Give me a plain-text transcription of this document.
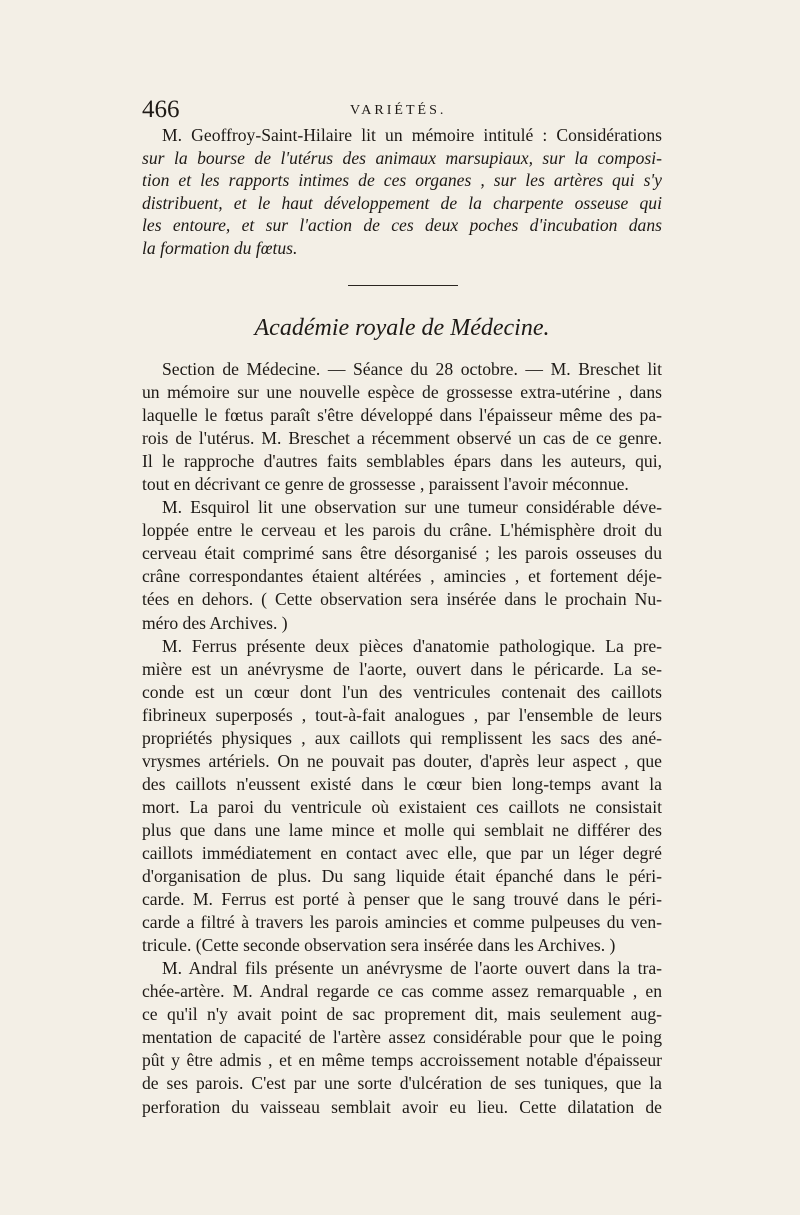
466	VARIÉTÉS.
M. Geoffroy-Saint-Hilaire lit un mémoire intitulé : Considérations
sur la bourse de l'utérus des animaux marsupiaux, sur la composi-
tion et les rapports intimes de ces organes , sur les artères qui s'y
distribuent, et le haut développement de la charpente osseuse qui
les entoure, et sur l'action de ces deux poches d'incubation dans
la formation du fœtus.
Académie royale de Médecine.
Section de Médecine. — Séance du 28 octobre. — M. Breschet lit
un mémoire sur une nouvelle espèce de grossesse extra-utérine , dans
laquelle le fœtus paraît s'être développé dans l'épaisseur même des pa-
rois de l'utérus. M. Breschet a récemment observé un cas de ce genre.
Il le rapproche d'autres faits semblables épars dans les auteurs, qui,
tout en décrivant ce genre de grossesse , paraissent l'avoir méconnue.
M. Esquirol lit une observation sur une tumeur considérable déve-
loppée entre le cerveau et les parois du crâne. L'hémisphère droit du
cerveau était comprimé sans être désorganisé ; les parois osseuses du
crâne correspondantes étaient altérées , amincies , et fortement déje-
tées en dehors. ( Cette observation sera insérée dans le prochain Nu-
méro des Archives. )
M. Ferrus présente deux pièces d'anatomie pathologique. La pre-
mière est un anévrysme de l'aorte, ouvert dans le péricarde. La se-
conde est un cœur dont l'un des ventricules contenait des caillots
fibrineux superposés , tout-à-fait analogues , par l'ensemble de leurs
propriétés physiques , aux caillots qui remplissent les sacs des ané-
vrysmes artériels. On ne pouvait pas douter, d'après leur aspect , que
des caillots n'eussent existé dans le cœur bien long-temps avant la
mort. La paroi du ventricule où existaient ces caillots ne consistait
plus que dans une lame mince et molle qui semblait ne différer des
caillots immédiatement en contact avec elle, que par un léger degré
d'organisation de plus. Du sang liquide était épanché dans le péri-
carde. M. Ferrus est porté à penser que le sang trouvé dans le péri-
carde a filtré à travers les parois amincies et comme pulpeuses du ven-
tricule. (Cette seconde observation sera insérée dans les Archives. )
M. Andral fils présente un anévrysme de l'aorte ouvert dans la tra-
chée-artère. M. Andral regarde ce cas comme assez remarquable , en
ce qu'il n'y avait point de sac proprement dit, mais seulement aug-
mentation de capacité de l'artère assez considérable pour que le poing
pût y être admis , et en même temps accroissement notable d'épaisseur
de ses parois. C'est par une sorte d'ulcération de ses tuniques, que la
perforation du vaisseau semblait avoir eu lieu. Cette dilatation de
